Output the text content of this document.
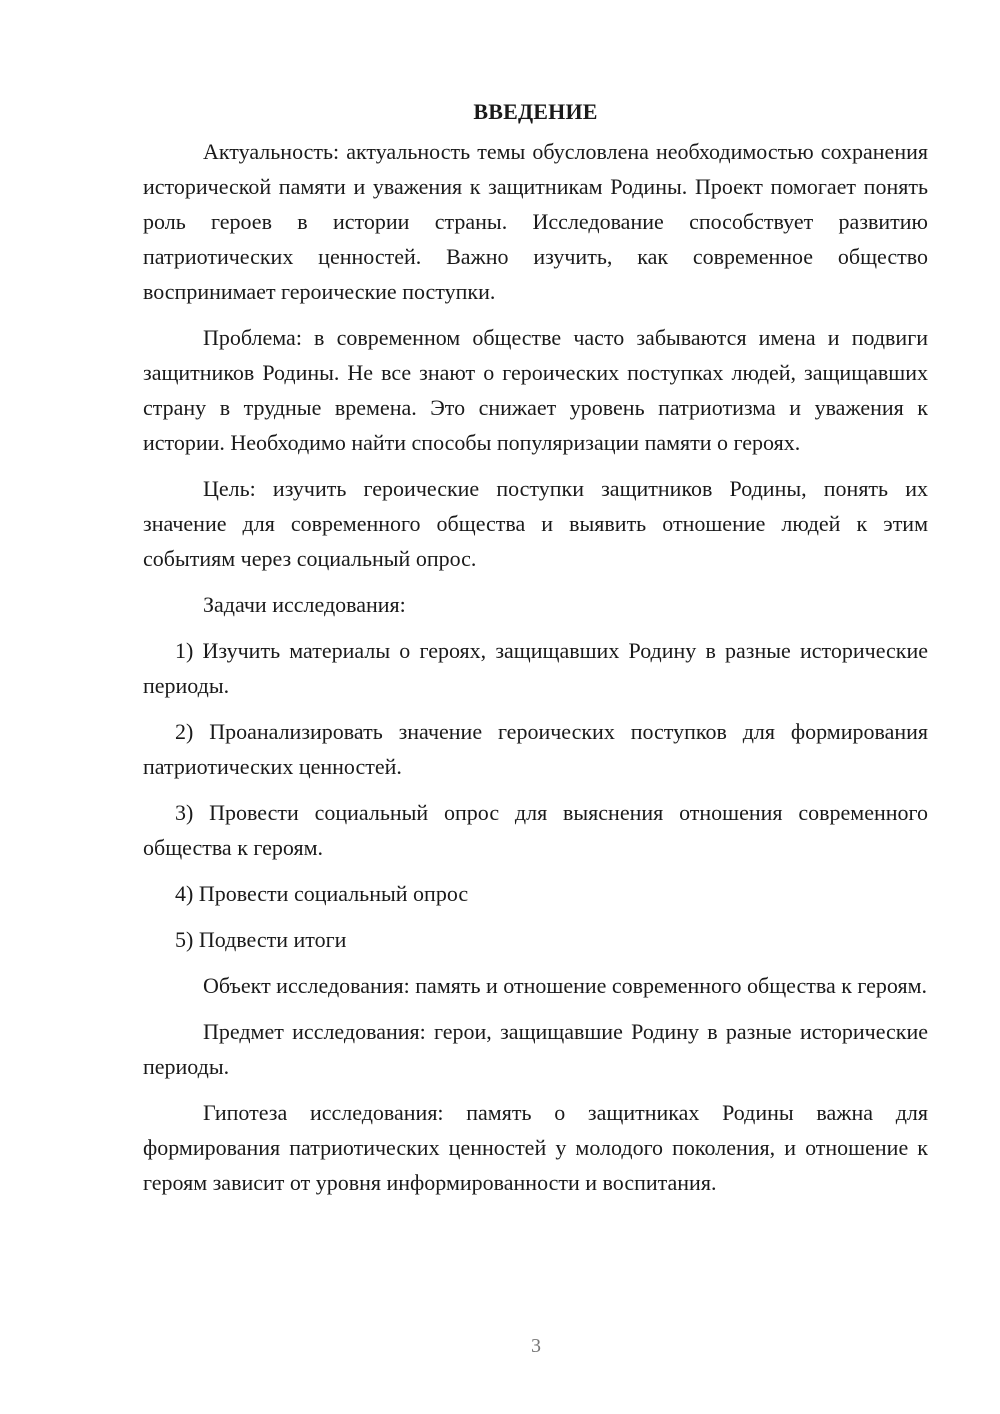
ВВЕДЕНИЕ

Актуальность: актуальность темы обусловлена необходимостью сохранения исторической памяти и уважения к защитникам Родины. Проект помогает понять роль героев в истории страны. Исследование способствует развитию патриотических ценностей. Важно изучить, как современное общество воспринимает героические поступки.

Проблема: в современном обществе часто забываются имена и подвиги защитников Родины. Не все знают о героических поступках людей, защищавших страну в трудные времена. Это снижает уровень патриотизма и уважения к истории. Необходимо найти способы популяризации памяти о героях.

Цель: изучить героические поступки защитников Родины, понять их значение для современного общества и выявить отношение людей к этим событиям через социальный опрос.

Задачи исследования:

1) Изучить материалы о героях, защищавших Родину в разные исторические периоды.

2) Проанализировать значение героических поступков для формирования патриотических ценностей.

3) Провести социальный опрос для выяснения отношения современного общества к героям.

4) Провести социальный опрос

5) Подвести итоги

Объект исследования: память и отношение современного общества к героям.

Предмет исследования: герои, защищавшие Родину в разные исторические периоды.

Гипотеза исследования: память о защитниках Родины важна для формирования патриотических ценностей у молодого поколения, и отношение к героям зависит от уровня информированности и воспитания.

3
